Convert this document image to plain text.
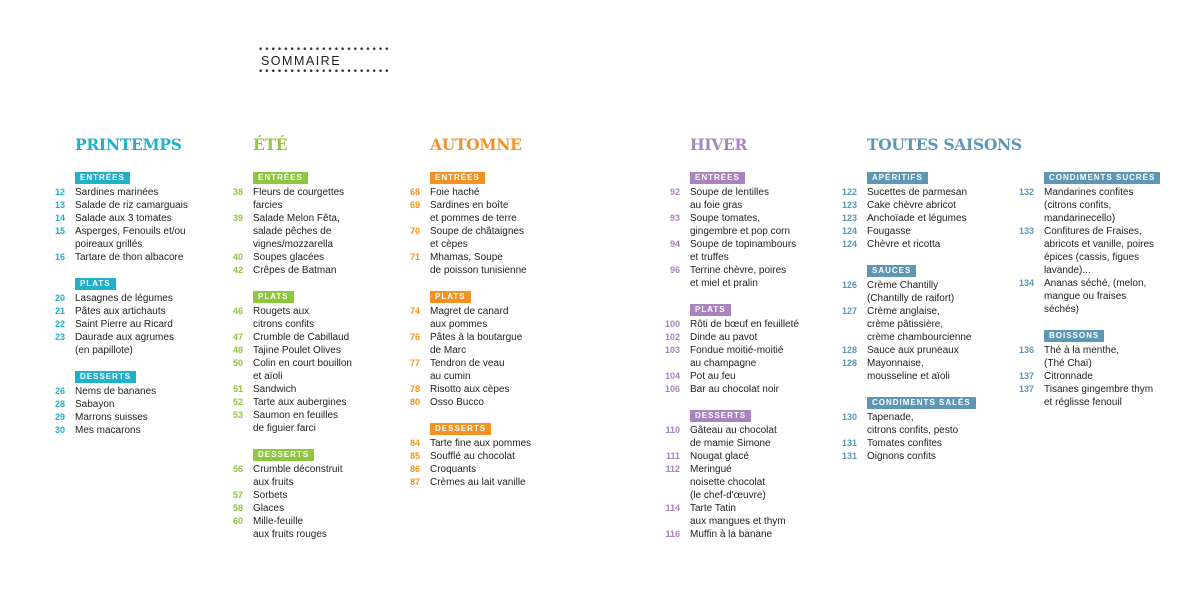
•••••••••••••••••••••
SOMMAIRE
•••••••••••••••••••••
PRINTEMPS
ENTRÉES
12 Sardines marinées
13 Salade de riz camarguais
14 Salade aux 3 tomates
15 Asperges, Fenouils et/ou
poireaux grillés
16 Tartare de thon albacore
PLATS
20 Lasagnes de légumes
21 Pâtes aux artichauts
22 Saint Pierre au Ricard
23 Daurade aux agrumes
(en papillote)
DESSERTS
26 Nems de bananes
28 Sabayon
29 Marrons suisses
30 Mes macarons
ÉTÉ
ENTRÉES
38 Fleurs de courgettes
farcies
39 Salade Melon Fêta,
salade pêches de
vignes/mozzarella
40 Soupes glacées
42 Crêpes de Batman
PLATS
46 Rougets aux
citrons confits
47 Crumble de Cabillaud
48 Tajine Poulet Olives
50 Colin en court bouillon
et aïoli
51 Sandwich
52 Tarte aux aubergines
53 Saumon en feuilles
de figuier farci
DESSERTS
56 Crumble déconstruit
aux fruits
57 Sorbets
58 Glaces
60 Mille-feuille
aux fruits rouges
AUTOMNE
ENTRÉES
68 Foie haché
69 Sardines en boîte
et pommes de terre
70 Soupe de châtaignes
et cèpes
71 Mhamas, Soupe
de poisson tunisienne
PLATS
74 Magret de canard
aux pommes
76 Pâtes à la boutargue
de Marc
77 Tendron de veau
au cumin
78 Risotto aux cèpes
80 Osso Bucco
DESSERTS
84 Tarte fine aux pommes
85 Soufflé au chocolat
86 Croquants
87 Crèmes au lait vanille
HIVER
ENTRÉES
92 Soupe de lentilles
au foie gras
93 Soupe tomates,
gingembre et pop corn
94 Soupe de topinambours
et truffes
96 Terrine chèvre, poires
et miel et pralin
PLATS
100 Rôti de bœuf en feuilleté
102 Dinde au pavot
103 Fondue moitié-moitié
au champagne
104 Pot au feu
106 Bar au chocolat noir
DESSERTS
110 Gâteau au chocolat
de mamie Simone
111 Nougat glacé
112 Meringué
noisette chocolat
(le chef-d'œuvre)
114 Tarte Tatin
aux mangues et thym
116 Muffin à la banane
TOUTES SAISONS
APÉRITIFS
122 Sucettes de parmesan
123 Cake chèvre abricot
123 Anchoïade et légumes
124 Fougasse
124 Chèvre et ricotta
SAUCES
126 Crème Chantilly
(Chantilly de raifort)
127 Crème anglaise,
crème pâtissière,
crème chambourcienne
128 Sauce aux pruneaux
128 Mayonnaise,
mousseline et aïoli
CONDIMENTS SALÉS
130 Tapenade,
citrons confits, pesto
131 Tomates confites
131 Oignons confits
CONDIMENTS SUCRÉS
132 Mandarines confites
(citrons confits,
mandarinecello)
133 Confitures de Fraises,
abricots et vanille, poires
épices (cassis, figues
lavande)...
134 Ananas séché, (melon,
mangue ou fraises
séchés)
BOISSONS
136 Thé à la menthe,
(Thé Chaï)
137 Citronnade
137 Tisanes gingembre thym
et réglisse fenouil
